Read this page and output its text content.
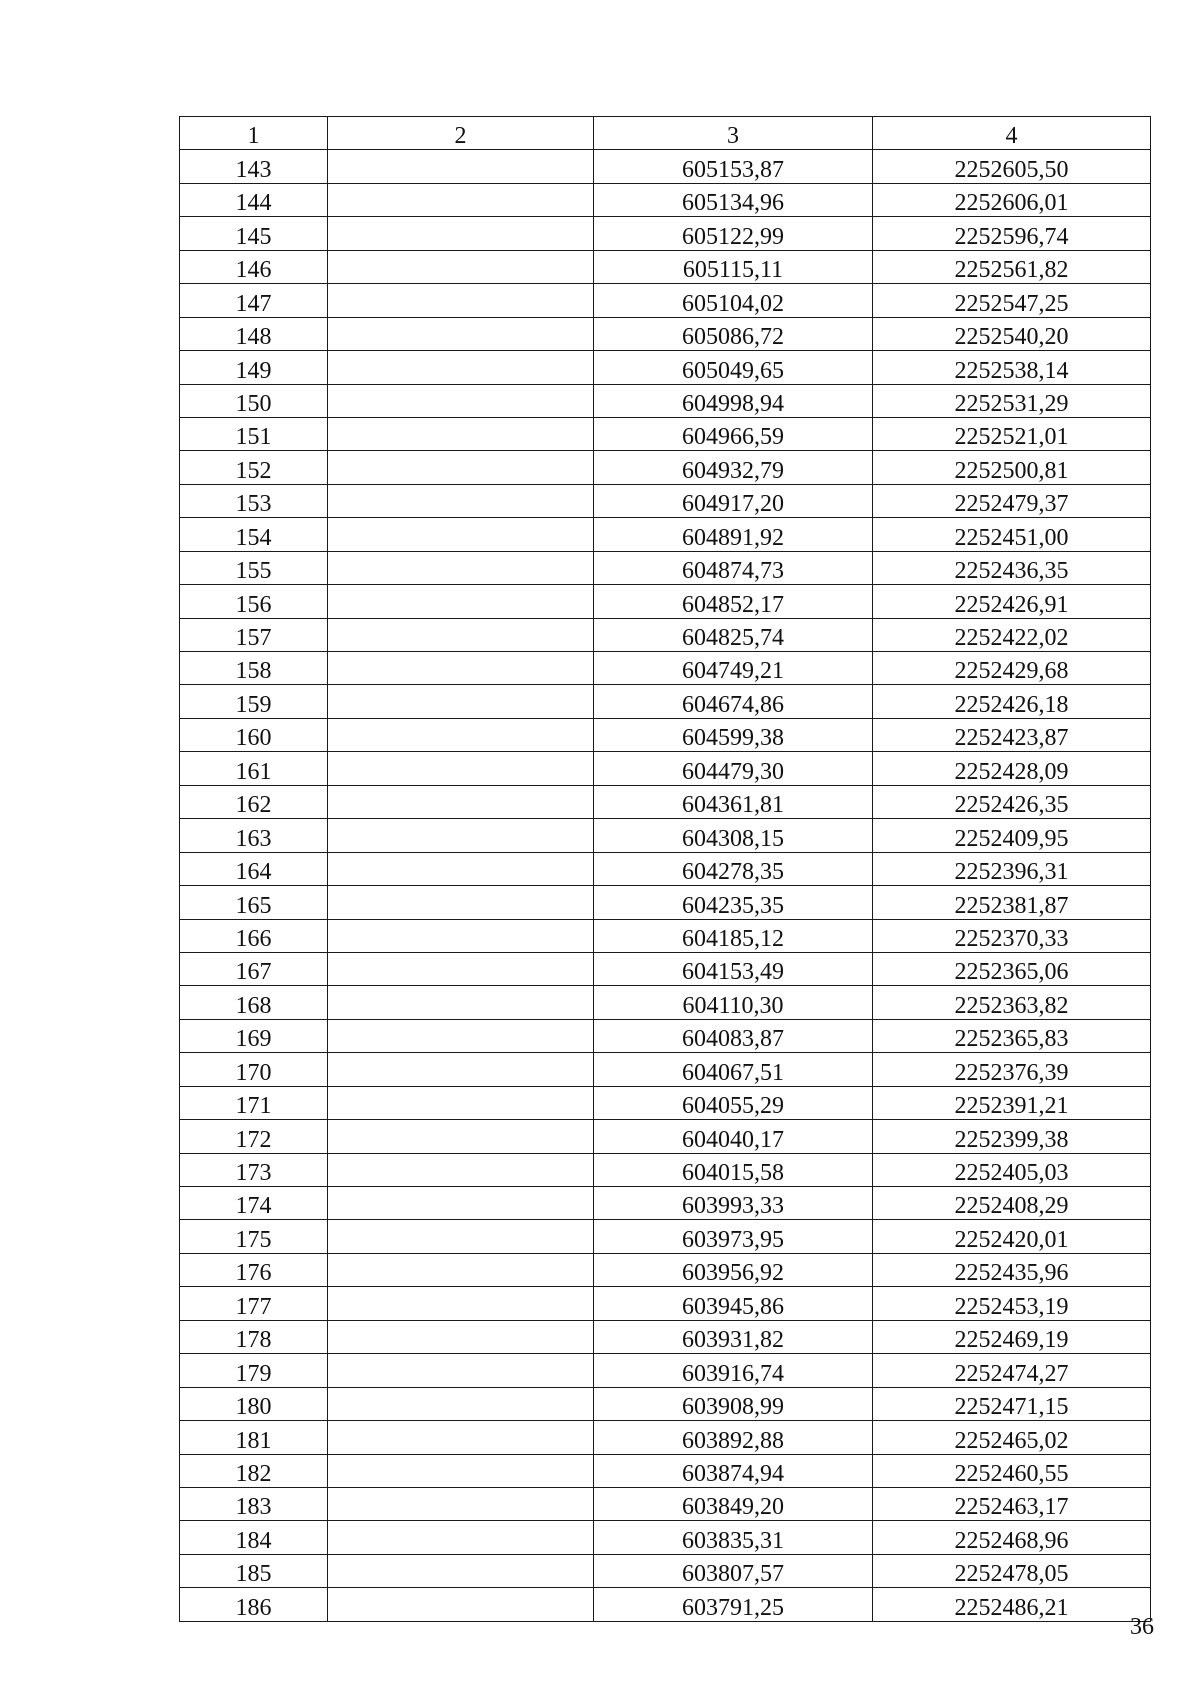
1	2	3	4
143		605153,87	2252605,50
144		605134,96	2252606,01
145		605122,99	2252596,74
146		605115,11	2252561,82
147		605104,02	2252547,25
148		605086,72	2252540,20
149		605049,65	2252538,14
150		604998,94	2252531,29
151		604966,59	2252521,01
152		604932,79	2252500,81
153		604917,20	2252479,37
154		604891,92	2252451,00
155		604874,73	2252436,35
156		604852,17	2252426,91
157		604825,74	2252422,02
158		604749,21	2252429,68
159		604674,86	2252426,18
160		604599,38	2252423,87
161		604479,30	2252428,09
162		604361,81	2252426,35
163		604308,15	2252409,95
164		604278,35	2252396,31
165		604235,35	2252381,87
166		604185,12	2252370,33
167		604153,49	2252365,06
168		604110,30	2252363,82
169		604083,87	2252365,83
170		604067,51	2252376,39
171		604055,29	2252391,21
172		604040,17	2252399,38
173		604015,58	2252405,03
174		603993,33	2252408,29
175		603973,95	2252420,01
176		603956,92	2252435,96
177		603945,86	2252453,19
178		603931,82	2252469,19
179		603916,74	2252474,27
180		603908,99	2252471,15
181		603892,88	2252465,02
182		603874,94	2252460,55
183		603849,20	2252463,17
184		603835,31	2252468,96
185		603807,57	2252478,05
186		603791,25	2252486,21
36
